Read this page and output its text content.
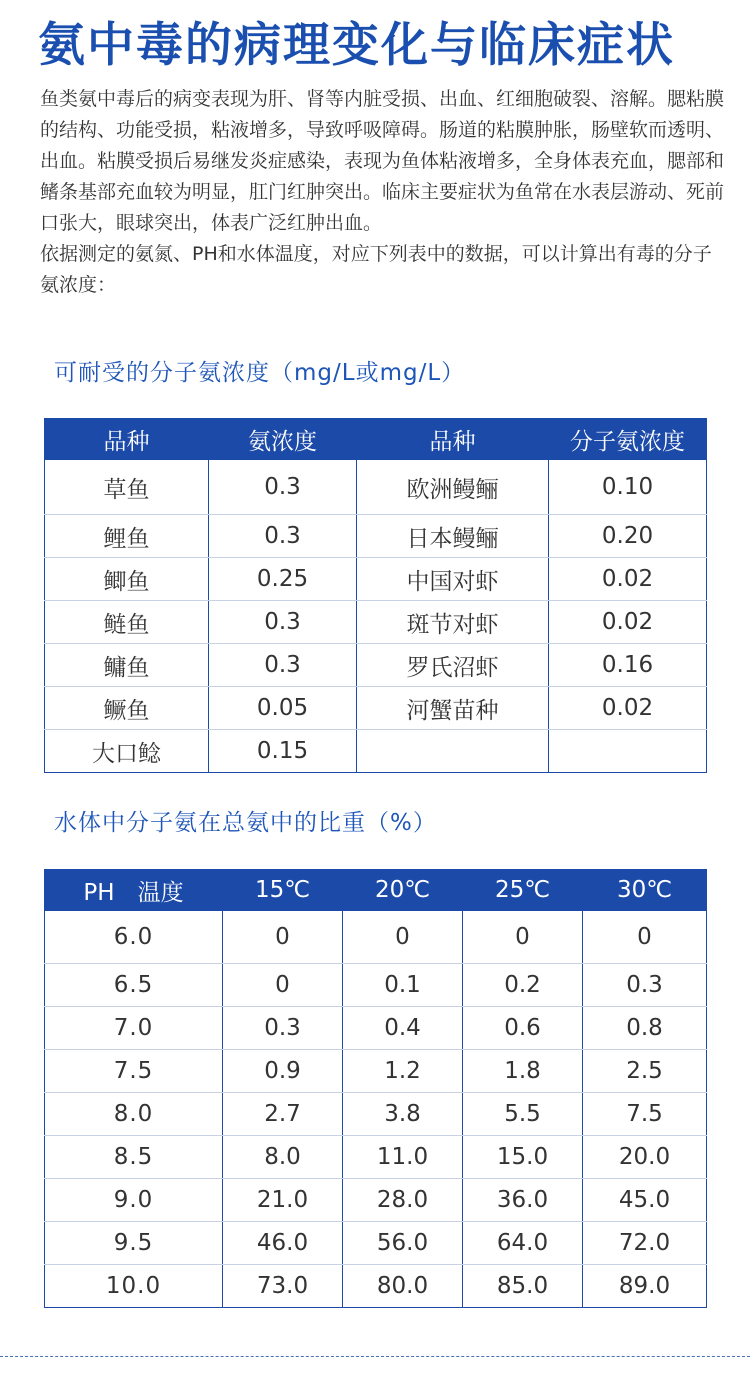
氨中毒的病理变化与临床症状

鱼类氨中毒后的病变表现为肝、肾等内脏受损、出血、红细胞破裂、溶解。腮粘膜的结构、功能受损，粘液增多，导致呼吸障碍。肠道的粘膜肿胀，肠壁软而透明、出血。粘膜受损后易继发炎症感染，表现为鱼体粘液增多，全身体表充血，腮部和鳍条基部充血较为明显，肛门红肿突出。临床主要症状为鱼常在水表层游动、死前口张大，眼球突出，体表广泛红肿出血。

依据测定的氨氮、PH和水体温度，对应下列表中的数据，可以计算出有毒的分子氨浓度：

可耐受的分子氨浓度（mg/L或mg/L）
品种	氨浓度	品种	分子氨浓度
草鱼	0.3	欧洲鳗鲡	0.10
鲤鱼	0.3	日本鳗鲡	0.20
鲫鱼	0.25	中国对虾	0.02
鲢鱼	0.3	斑节对虾	0.02
鳙鱼	0.3	罗氏沼虾	0.16
鳜鱼	0.05	河蟹苗种	0.02
大口鲶	0.15		
水体中分子氨在总氨中的比重（%）
PH　温度	15℃	20℃	25℃	30℃
6.0	0	0	0	0
6.5	0	0.1	0.2	0.3
7.0	0.3	0.4	0.6	0.8
7.5	0.9	1.2	1.8	2.5
8.0	2.7	3.8	5.5	7.5
8.5	8.0	11.0	15.0	20.0
9.0	21.0	28.0	36.0	45.0
9.5	46.0	56.0	64.0	72.0
10.0	73.0	80.0	85.0	89.0
